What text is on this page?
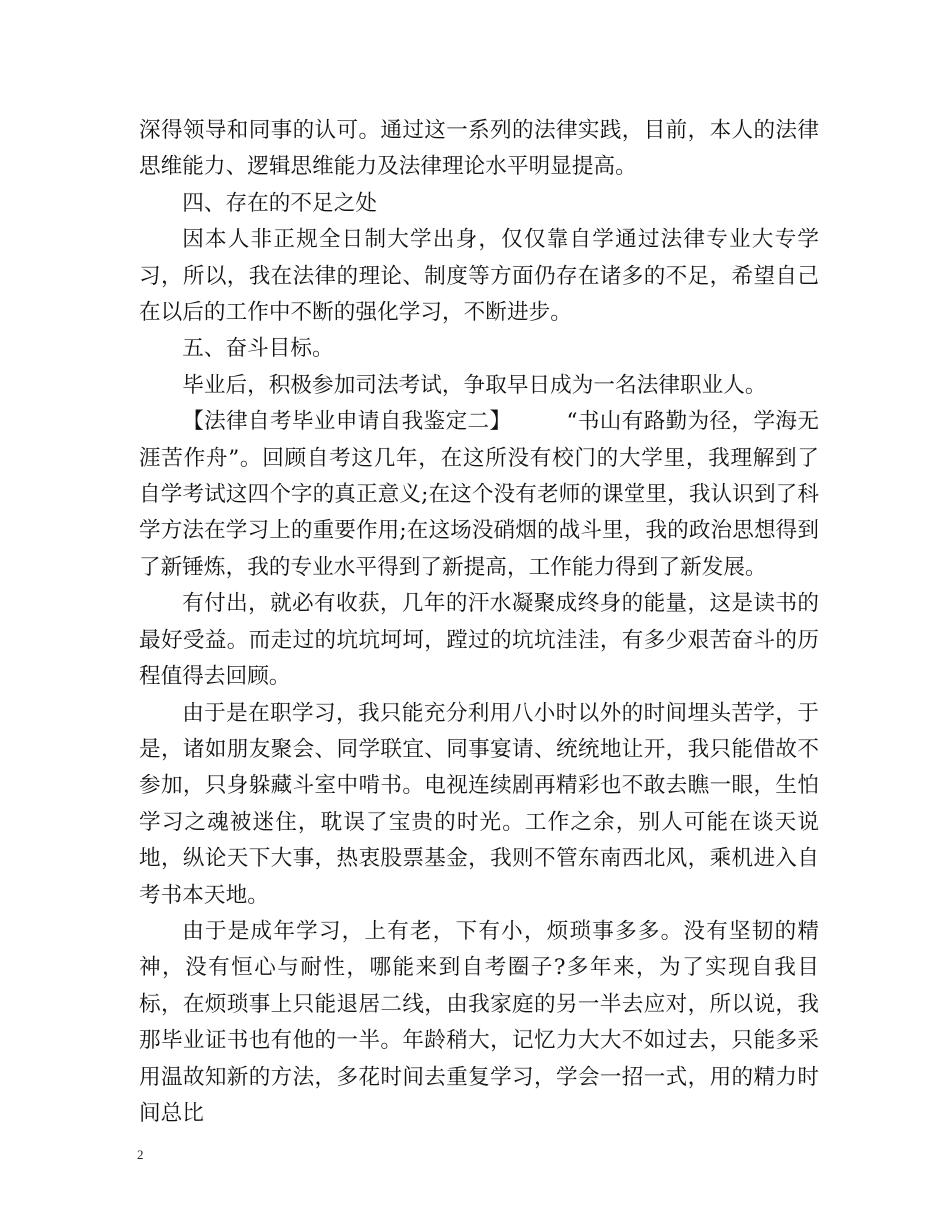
深得领导和同事的认可。通过这一系列的法律实践，目前，本人的法律思维能力、逻辑思维能力及法律理论水平明显提高。

四、存在的不足之处

因本人非正规全日制大学出身，仅仅靠自学通过法律专业大专学习，所以，我在法律的理论、制度等方面仍存在诸多的不足，希望自己在以后的工作中不断的强化学习，不断进步。

五、奋斗目标。

毕业后，积极参加司法考试，争取早日成为一名法律职业人。

【法律自考毕业申请自我鉴定二】　　　“书山有路勤为径，学海无涯苦作舟”。回顾自考这几年，在这所没有校门的大学里，我理解到了自学考试这四个字的真正意义;在这个没有老师的课堂里，我认识到了科学方法在学习上的重要作用;在这场没硝烟的战斗里，我的政治思想得到了新锤炼，我的专业水平得到了新提高，工作能力得到了新发展。

有付出，就必有收获，几年的汗水凝聚成终身的能量，这是读书的最好受益。而走过的坑坑坷坷，蹚过的坑坑洼洼，有多少艰苦奋斗的历程值得去回顾。

由于是在职学习，我只能充分利用八小时以外的时间埋头苦学，于是，诸如朋友聚会、同学联宜、同事宴请、统统地让开，我只能借故不参加，只身躲藏斗室中啃书。电视连续剧再精彩也不敢去瞧一眼，生怕学习之魂被迷住，耽误了宝贵的时光。工作之余，别人可能在谈天说地，纵论天下大事，热衷股票基金，我则不管东南西北风，乘机进入自考书本天地。

由于是成年学习，上有老，下有小，烦琐事多多。没有坚韧的精神，没有恒心与耐性，哪能来到自考圈子?多年来，为了实现自我目标，在烦琐事上只能退居二线，由我家庭的另一半去应对，所以说，我那毕业证书也有他的一半。年龄稍大，记忆力大大不如过去，只能多采用温故知新的方法，多花时间去重复学习，学会一招一式，用的精力时间总比

2
